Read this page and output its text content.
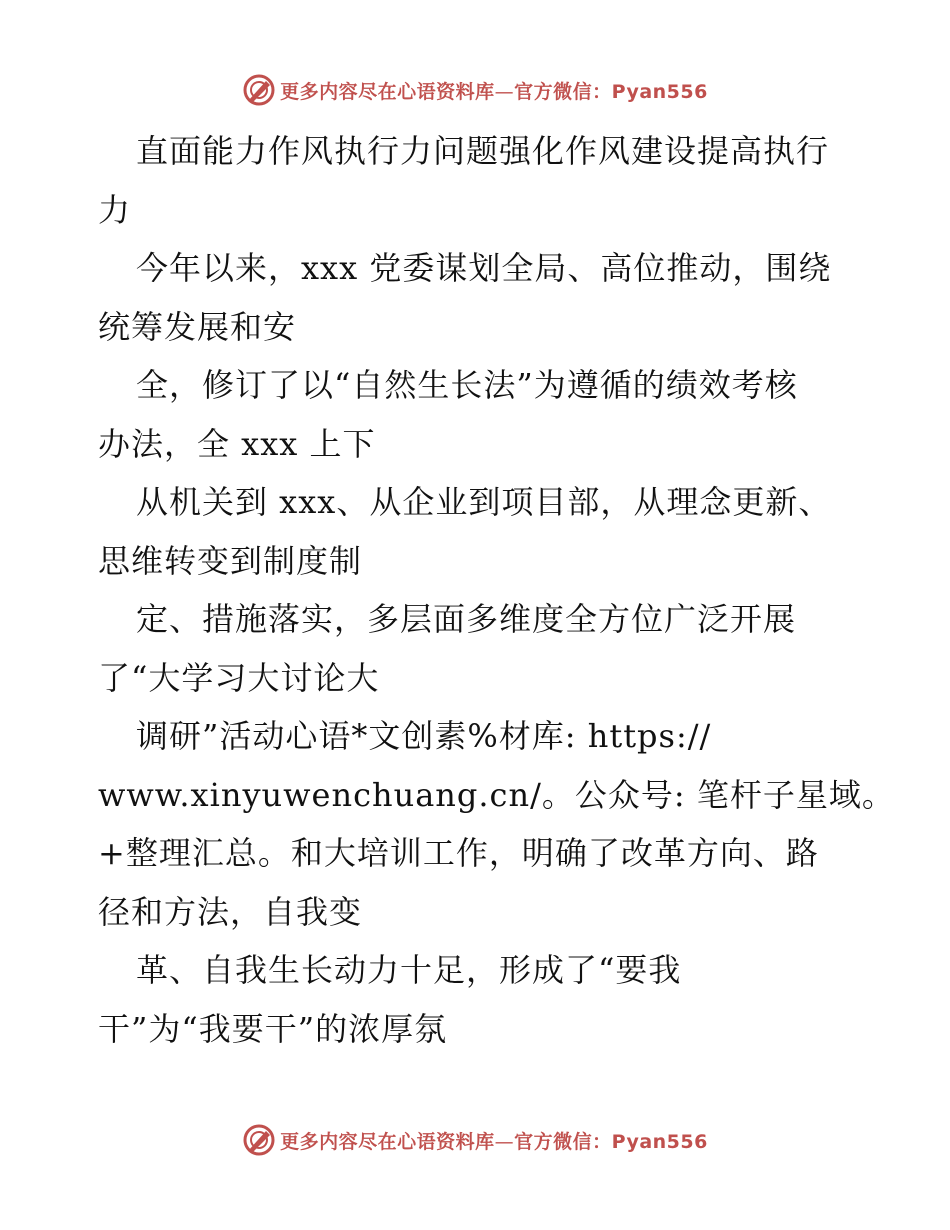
更多内容尽在心语资料库—官方微信：Pyan556
直面能力作风执行力问题强化作风建设提高执行
力
今年以来，xxx 党委谋划全局、高位推动，围绕
统筹发展和安
全，修订了以“自然生长法”为遵循的绩效考核
办法，全 xxx 上下
从机关到 xxx、从企业到项目部，从理念更新、
思维转变到制度制
定、措施落实，多层面多维度全方位广泛开展
了“大学习大讨论大
调研”活动心语*文创素%材库: https://
www.xinyuwenchuang.cn/。公众号: 笔杆子星域。
+整理汇总。和大培训工作，明确了改革方向、路
径和方法，自我变
革、自我生长动力十足，形成了“要我
干”为“我要干”的浓厚氛
更多内容尽在心语资料库—官方微信：Pyan556
